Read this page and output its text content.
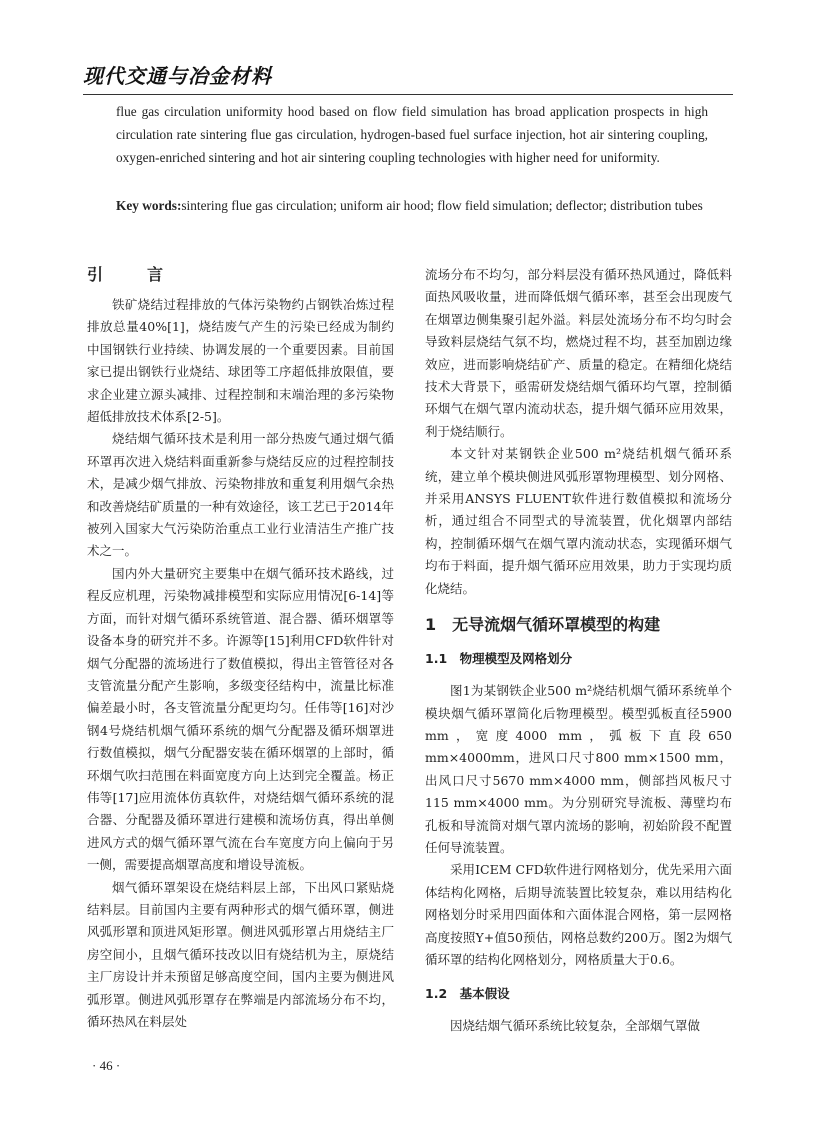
现代交通与冶金材料
flue gas circulation uniformity hood based on flow field simulation has broad application prospects in high circulation rate sintering flue gas circulation, hydrogen-based fuel surface injection, hot air sintering coupling, oxygen-enriched sintering and hot air sintering coupling technologies with higher need for uniformity.
Key words: sintering flue gas circulation; uniform air hood; flow field simulation; deflector; distribution tubes
引　言

铁矿烧结过程排放的气体污染物约占钢铁冶炼过程排放总量40%[1]，烧结废气产生的污染已经成为制约中国钢铁行业持续、协调发展的一个重要因素。目前国家已提出钢铁行业烧结、球团等工序超低排放限值，要求企业建立源头减排、过程控制和末端治理的多污染物超低排放技术体系[2-5]。

烧结烟气循环技术是利用一部分热废气通过烟气循环罩再次进入烧结料面重新参与烧结反应的过程控制技术，是减少烟气排放、污染物排放和重复利用烟气余热和改善烧结矿质量的一种有效途径，该工艺已于2014年被列入国家大气污染防治重点工业行业清洁生产推广技术之一。

国内外大量研究主要集中在烟气循环技术路线，过程反应机理，污染物减排模型和实际应用情况[6-14]等方面，而针对烟气循环系统管道、混合器、循环烟罩等设备本身的研究并不多。许源等[15]利用CFD软件针对烟气分配器的流场进行了数值模拟，得出主管管径对各支管流量分配产生影响，多级变径结构中，流量比标准偏差最小时，各支管流量分配更均匀。任伟等[16]对沙钢4号烧结机烟气循环系统的烟气分配器及循环烟罩进行数值模拟，烟气分配器安装在循环烟罩的上部时，循环烟气吹扫范围在料面宽度方向上达到完全覆盖。杨正伟等[17]应用流体仿真软件，对烧结烟气循环系统的混合器、分配器及循环罩进行建模和流场仿真，得出单侧进风方式的烟气循环罩气流在台车宽度方向上偏向于另一侧，需要提高烟罩高度和增设导流板。

烟气循环罩架设在烧结料层上部，下出风口紧贴烧结料层。目前国内主要有两种形式的烟气循环罩，侧进风弧形罩和顶进风矩形罩。侧进风弧形罩占用烧结主厂房空间小，且烟气循环技改以旧有烧结机为主，原烧结主厂房设计并未预留足够高度空间，国内主要为侧进风弧形罩。侧进风弧形罩存在弊端是内部流场分布不均，循环热风在料层处

流场分布不均匀，部分料层没有循环热风通过，降低料面热风吸收量，进而降低烟气循环率，甚至会出现废气在烟罩边侧集聚引起外溢。料层处流场分布不均匀时会导致料层烧结气氛不均，燃烧过程不均，甚至加剧边缘效应，进而影响烧结矿产、质量的稳定。在精细化烧结技术大背景下，亟需研发烧结烟气循环均气罩，控制循环烟气在烟气罩内流动状态，提升烟气循环应用效果，利于烧结顺行。

本文针对某钢铁企业500 m²烧结机烟气循环系统，建立单个模块侧进风弧形罩物理模型、划分网格、并采用ANSYS FLUENT软件进行数值模拟和流场分析，通过组合不同型式的导流装置，优化烟罩内部结构，控制循环烟气在烟气罩内流动状态，实现循环烟气均布于料面，提升烟气循环应用效果，助力于实现均质化烧结。

1　无导流烟气循环罩模型的构建
1.1　物理模型及网格划分

图1为某钢铁企业500 m²烧结机烟气循环系统单个模块烟气循环罩简化后物理模型。模型弧板直径5900 mm，宽度4000 mm，弧板下直段650 mm×4000mm，进风口尺寸800 mm×1500 mm，出风口尺寸5670 mm×4000 mm，侧部挡风板尺寸115 mm×4000 mm。为分别研究导流板、薄壁均布孔板和导流筒对烟气罩内流场的影响，初始阶段不配置任何导流装置。

采用ICEM CFD软件进行网格划分，优先采用六面体结构化网格，后期导流装置比较复杂，难以用结构化网格划分时采用四面体和六面体混合网格，第一层网格高度按照Y+值50预估，网格总数约200万。图2为烟气循环罩的结构化网格划分，网格质量大于0.6。

1.2　基本假设

因烧结烟气循环系统比较复杂，全部烟气罩做

· 46 ·
